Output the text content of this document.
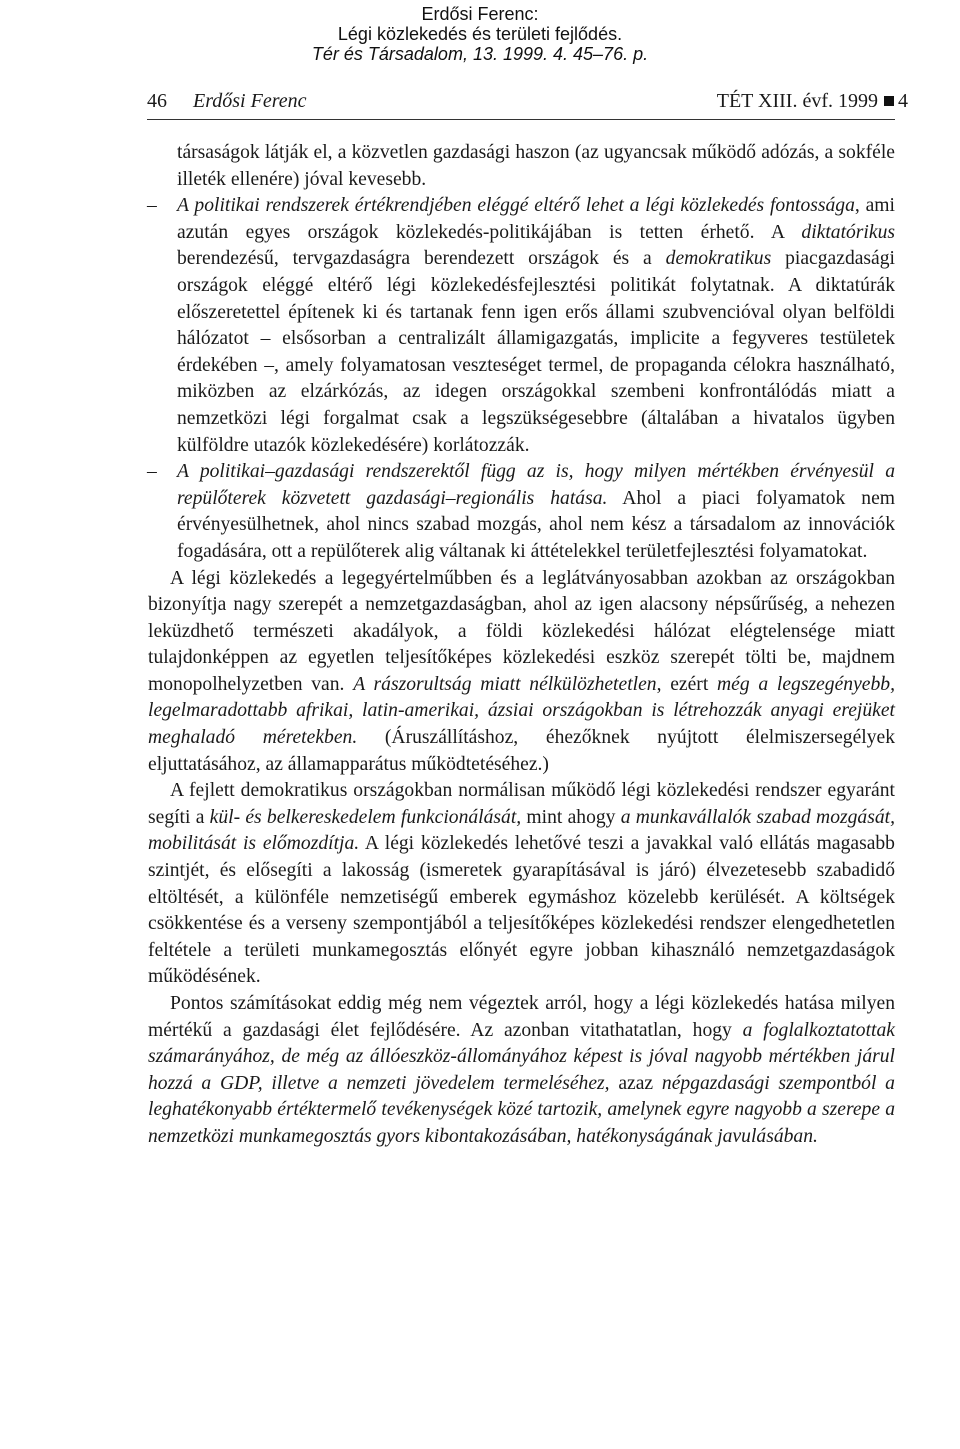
Erdősi Ferenc:
Légi közlekedés és területi fejlődés.
Tér és Társadalom, 13. 1999. 4. 45–76. p.
46 Erdősi Ferenc	TÉT XIII. évf. 1999 4
társaságok látják el, a közvetlen gazdasági haszon (az ugyancsak működő adózás, a sokféle illeték ellenére) jóval kevesebb.
– A politikai rendszerek értékrendjében eléggé eltérő lehet a légi közlekedés fontossága, ami azután egyes országok közlekedés-politikájában is tetten érhető. A diktatórikus berendezésű, tervgazdaságra berendezett országok és a demokratikus piacgazdasági országok eléggé eltérő légi közlekedésfejlesztési politikát folytatnak. A diktatúrák előszeretettel építenek ki és tartanak fenn igen erős állami szubvencióval olyan belföldi hálózatot – elsősorban a centralizált államigazgatás, implicite a fegyveres testületek érdekében –, amely folyamatosan veszteséget termel, de propaganda célokra használható, miközben az elzárkózás, az idegen országokkal szembeni konfrontálódás miatt a nemzetközi légi forgalmat csak a legszükségesebbre (általában a hivatalos ügyben külföldre utazók közlekedésére) korlátozzák.
– A politikai–gazdasági rendszerektől függ az is, hogy milyen mértékben érvényesül a repülőterek közvetett gazdasági–regionális hatása. Ahol a piaci folyamatok nem érvényesülhetnek, ahol nincs szabad mozgás, ahol nem kész a társadalom az innovációk fogadására, ott a repülőterek alig váltanak ki áttételekkel területfejlesztési folyamatokat.
A légi közlekedés a legegyértelműbben és a leglátványosabban azokban az országokban bizonyítja nagy szerepét a nemzetgazdaságban, ahol az igen alacsony népsűrűség, a nehezen leküzdhető természeti akadályok, a földi közlekedési hálózat elégtelensége miatt tulajdonképpen az egyetlen teljesítőképes közlekedési eszköz szerepét tölti be, majdnem monopolhelyzetben van. A rászorultság miatt nélkülözhetetlen, ezért még a legszegényebb, legelmaradottabb afrikai, latin-amerikai, ázsiai országokban is létrehozzák anyagi erejüket meghaladó méretekben. (Áruszállításhoz, éhezőknek nyújtott élelmiszersegélyek eljuttatásához, az államapparátus működtetéséhez.)
A fejlett demokratikus országokban normálisan működő légi közlekedési rendszer egyaránt segíti a kül- és belkereskedelem funkcionálását, mint ahogy a munkavállalók szabad mozgását, mobilitását is előmozdítja. A légi közlekedés lehetővé teszi a javakkal való ellátás magasabb szintjét, és elősegíti a lakosság (ismeretek gyarapításával is járó) élvezetesebb szabadidő eltöltését, a különféle nemzetiségű emberek egymáshoz közelebb kerülését. A költségek csökkentése és a verseny szempontjából a teljesítőképes közlekedési rendszer elengedhetetlen feltétele a területi munkamegosztás előnyét egyre jobban kihasználó nemzetgazdaságok működésének.
Pontos számításokat eddig még nem végeztek arról, hogy a légi közlekedés hatása milyen mértékű a gazdasági élet fejlődésére. Az azonban vitathatatlan, hogy a foglalkoztatottak számarányához, de még az állóeszköz-állományához képest is jóval nagyobb mértékben járul hozzá a GDP, illetve a nemzeti jövedelem termeléséhez, azaz népgazdasági szempontból a leghatékonyabb értéktermelő tevékenységek közé tartozik, amelynek egyre nagyobb a szerepe a nemzetközi munkamegosztás gyors kibontakozásában, hatékonyságának javulásában.
